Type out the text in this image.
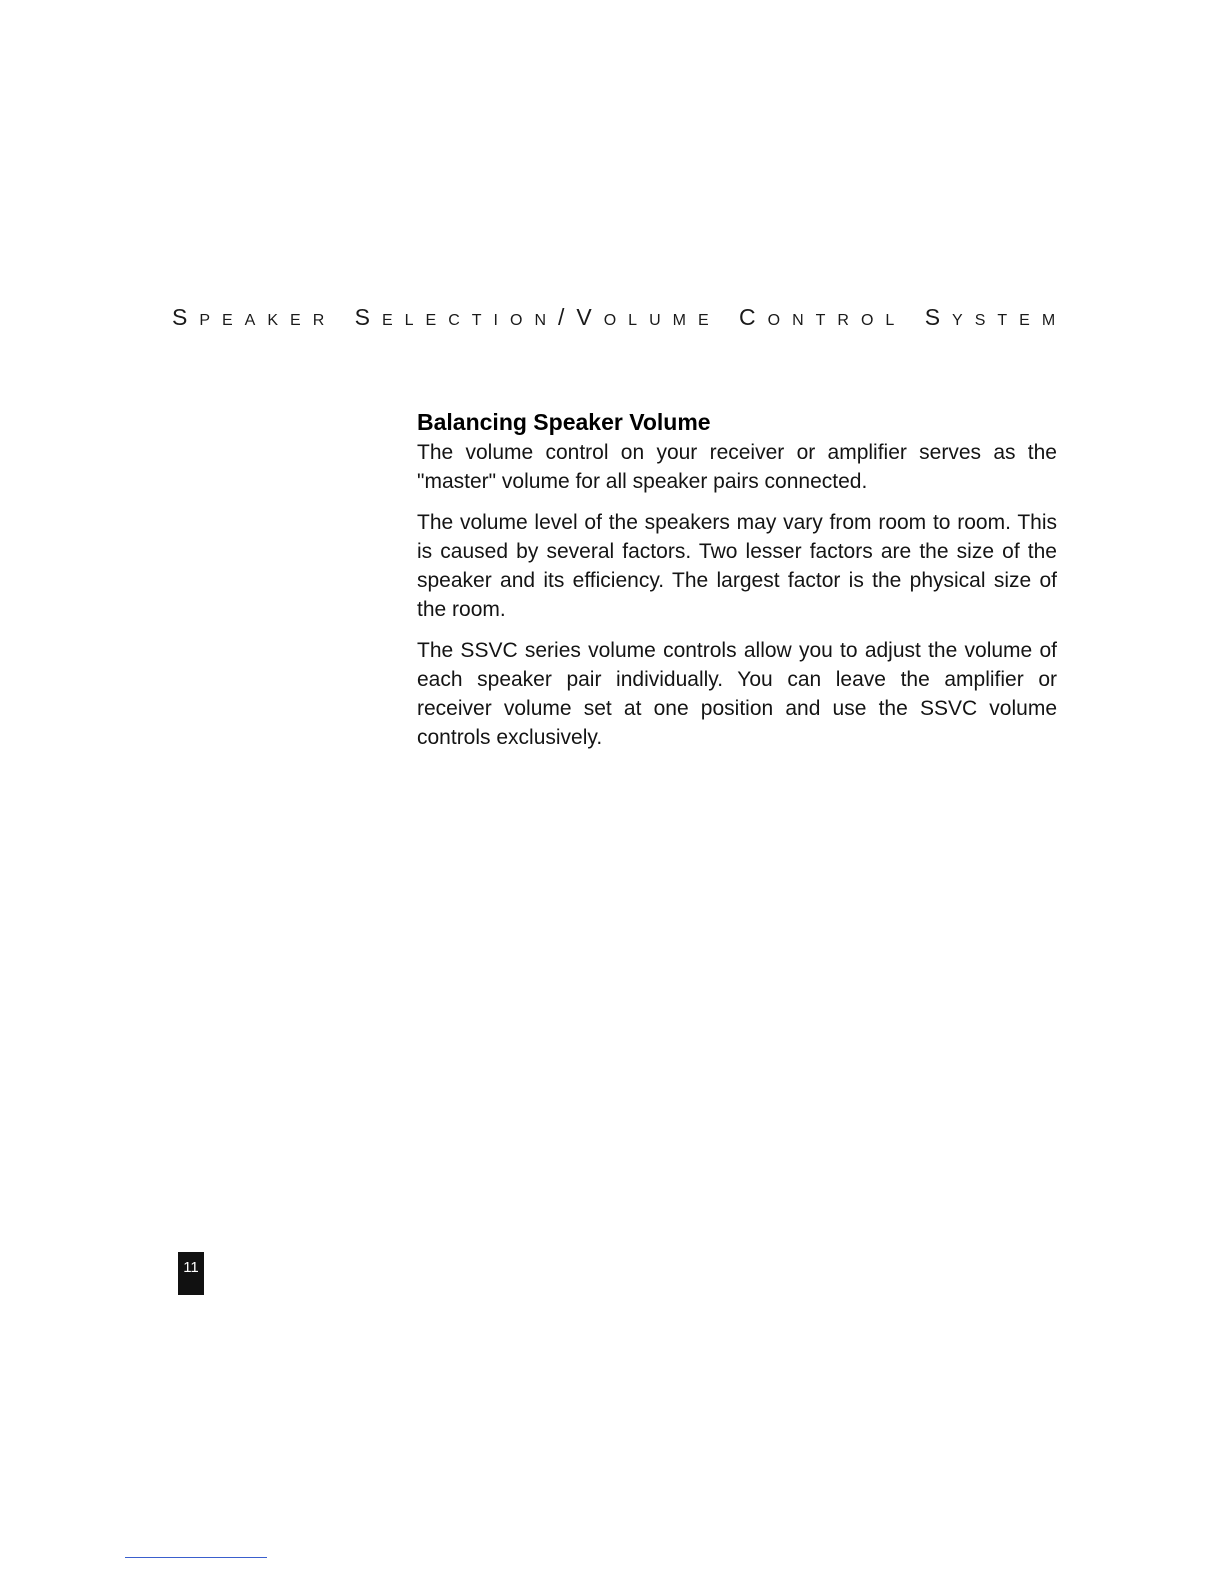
Speaker Selection/Volume Control System
Balancing Speaker Volume

The volume control on your receiver or amplifier serves as the "master" volume for all speaker pairs connected.

The volume level of the speakers may vary from room to room. This is caused by several factors. Two lesser factors are the size of the speaker and its efficiency. The largest factor is the physical size of the room.

The SSVC series volume controls allow you to adjust the volume of each speaker pair individually. You can leave the amplifier or receiver volume set at one position and use the SSVC volume controls exclusively.

11
